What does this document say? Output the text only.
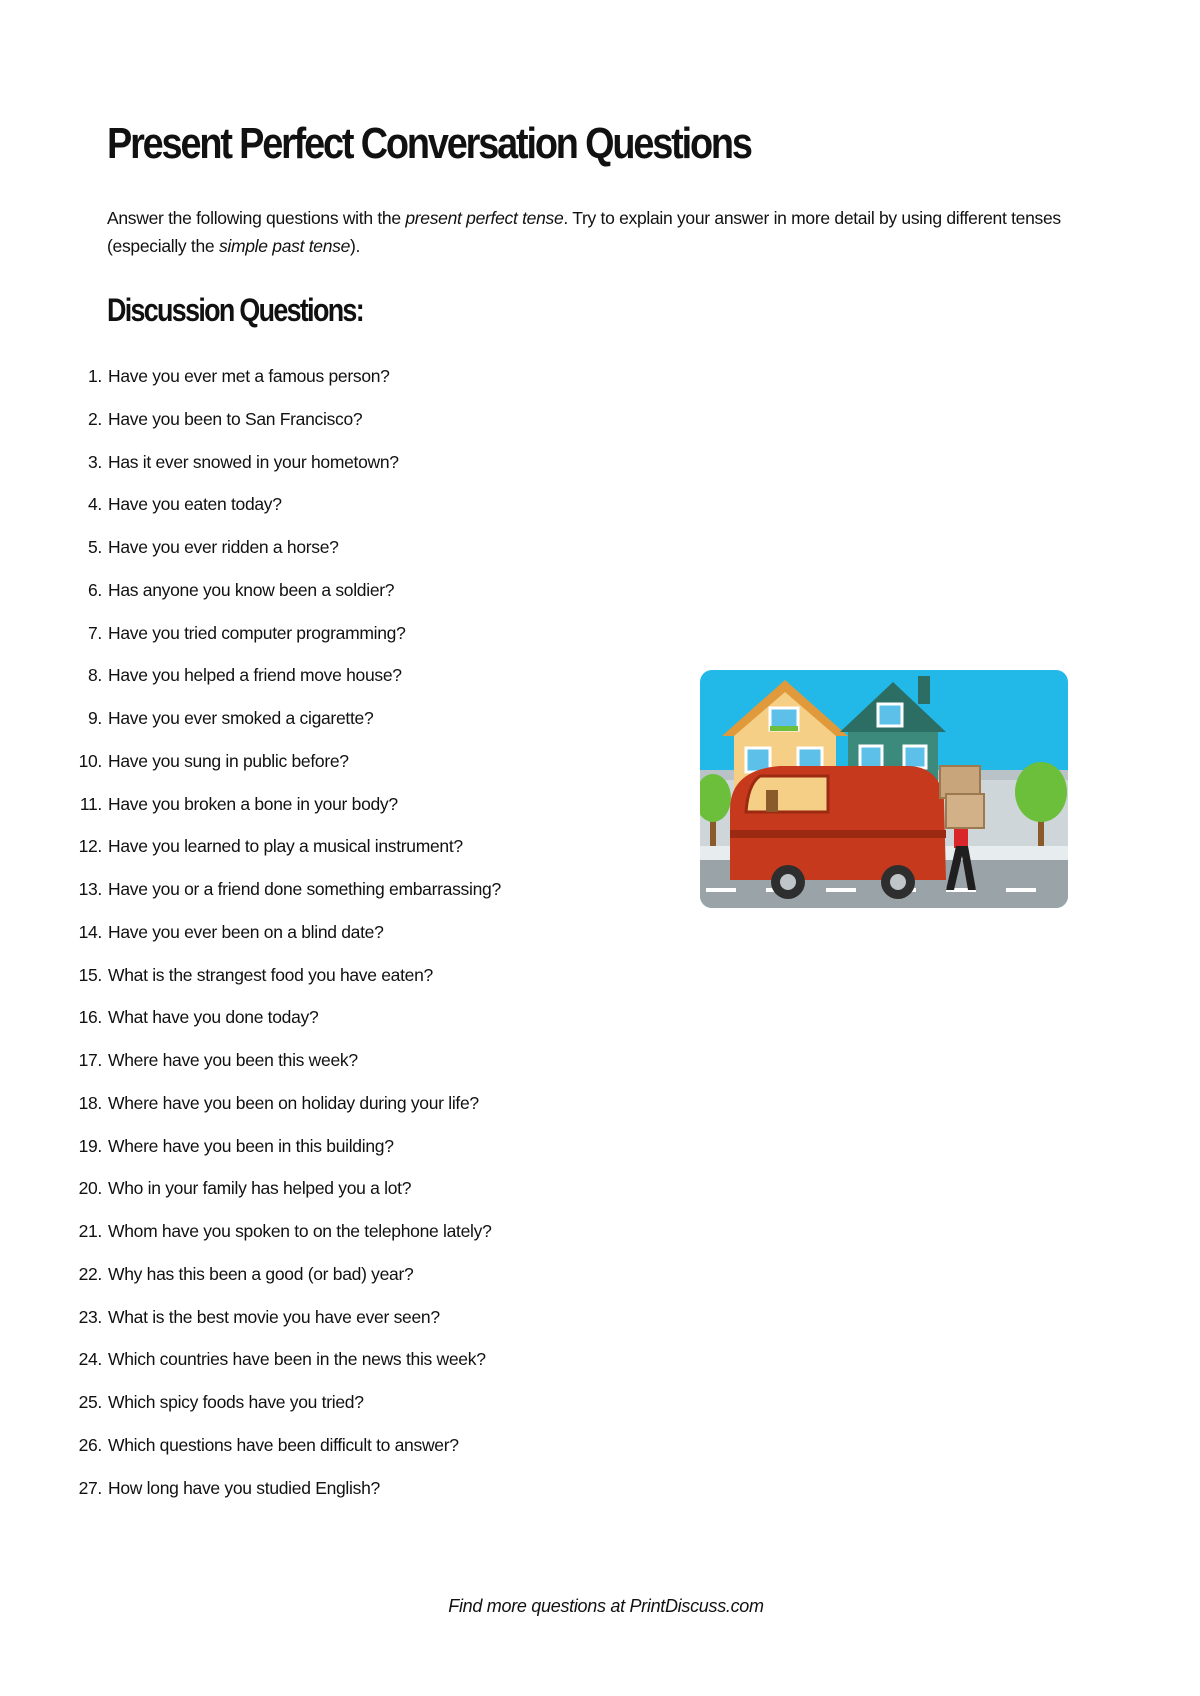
Present Perfect Conversation Questions

Answer the following questions with the present perfect tense. Try to explain your answer in more detail by using different tenses (especially the simple past tense).

Discussion Questions:
1. Have you ever met a famous person?
2. Have you been to San Francisco?
3. Has it ever snowed in your hometown?
4. Have you eaten today?
5. Have you ever ridden a horse?
6. Has anyone you know been a soldier?
7. Have you tried computer programming?
8. Have you helped a friend move house?
9. Have you ever smoked a cigarette?
10. Have you sung in public before?
11. Have you broken a bone in your body?
12. Have you learned to play a musical instrument?
13. Have you or a friend done something embarrassing?
14. Have you ever been on a blind date?
15. What is the strangest food you have eaten?
16. What have you done today?
17. Where have you been this week?
18. Where have you been on holiday during your life?
19. Where have you been in this building?
20. Who in your family has helped you a lot?
21. Whom have you spoken to on the telephone lately?
22. Why has this been a good (or bad) year?
23. What is the best movie you have ever seen?
24. Which countries have been in the news this week?
25. Which spicy foods have you tried?
26. Which questions have been difficult to answer?
27. How long have you studied English?

Find more questions at PrintDiscuss.com
